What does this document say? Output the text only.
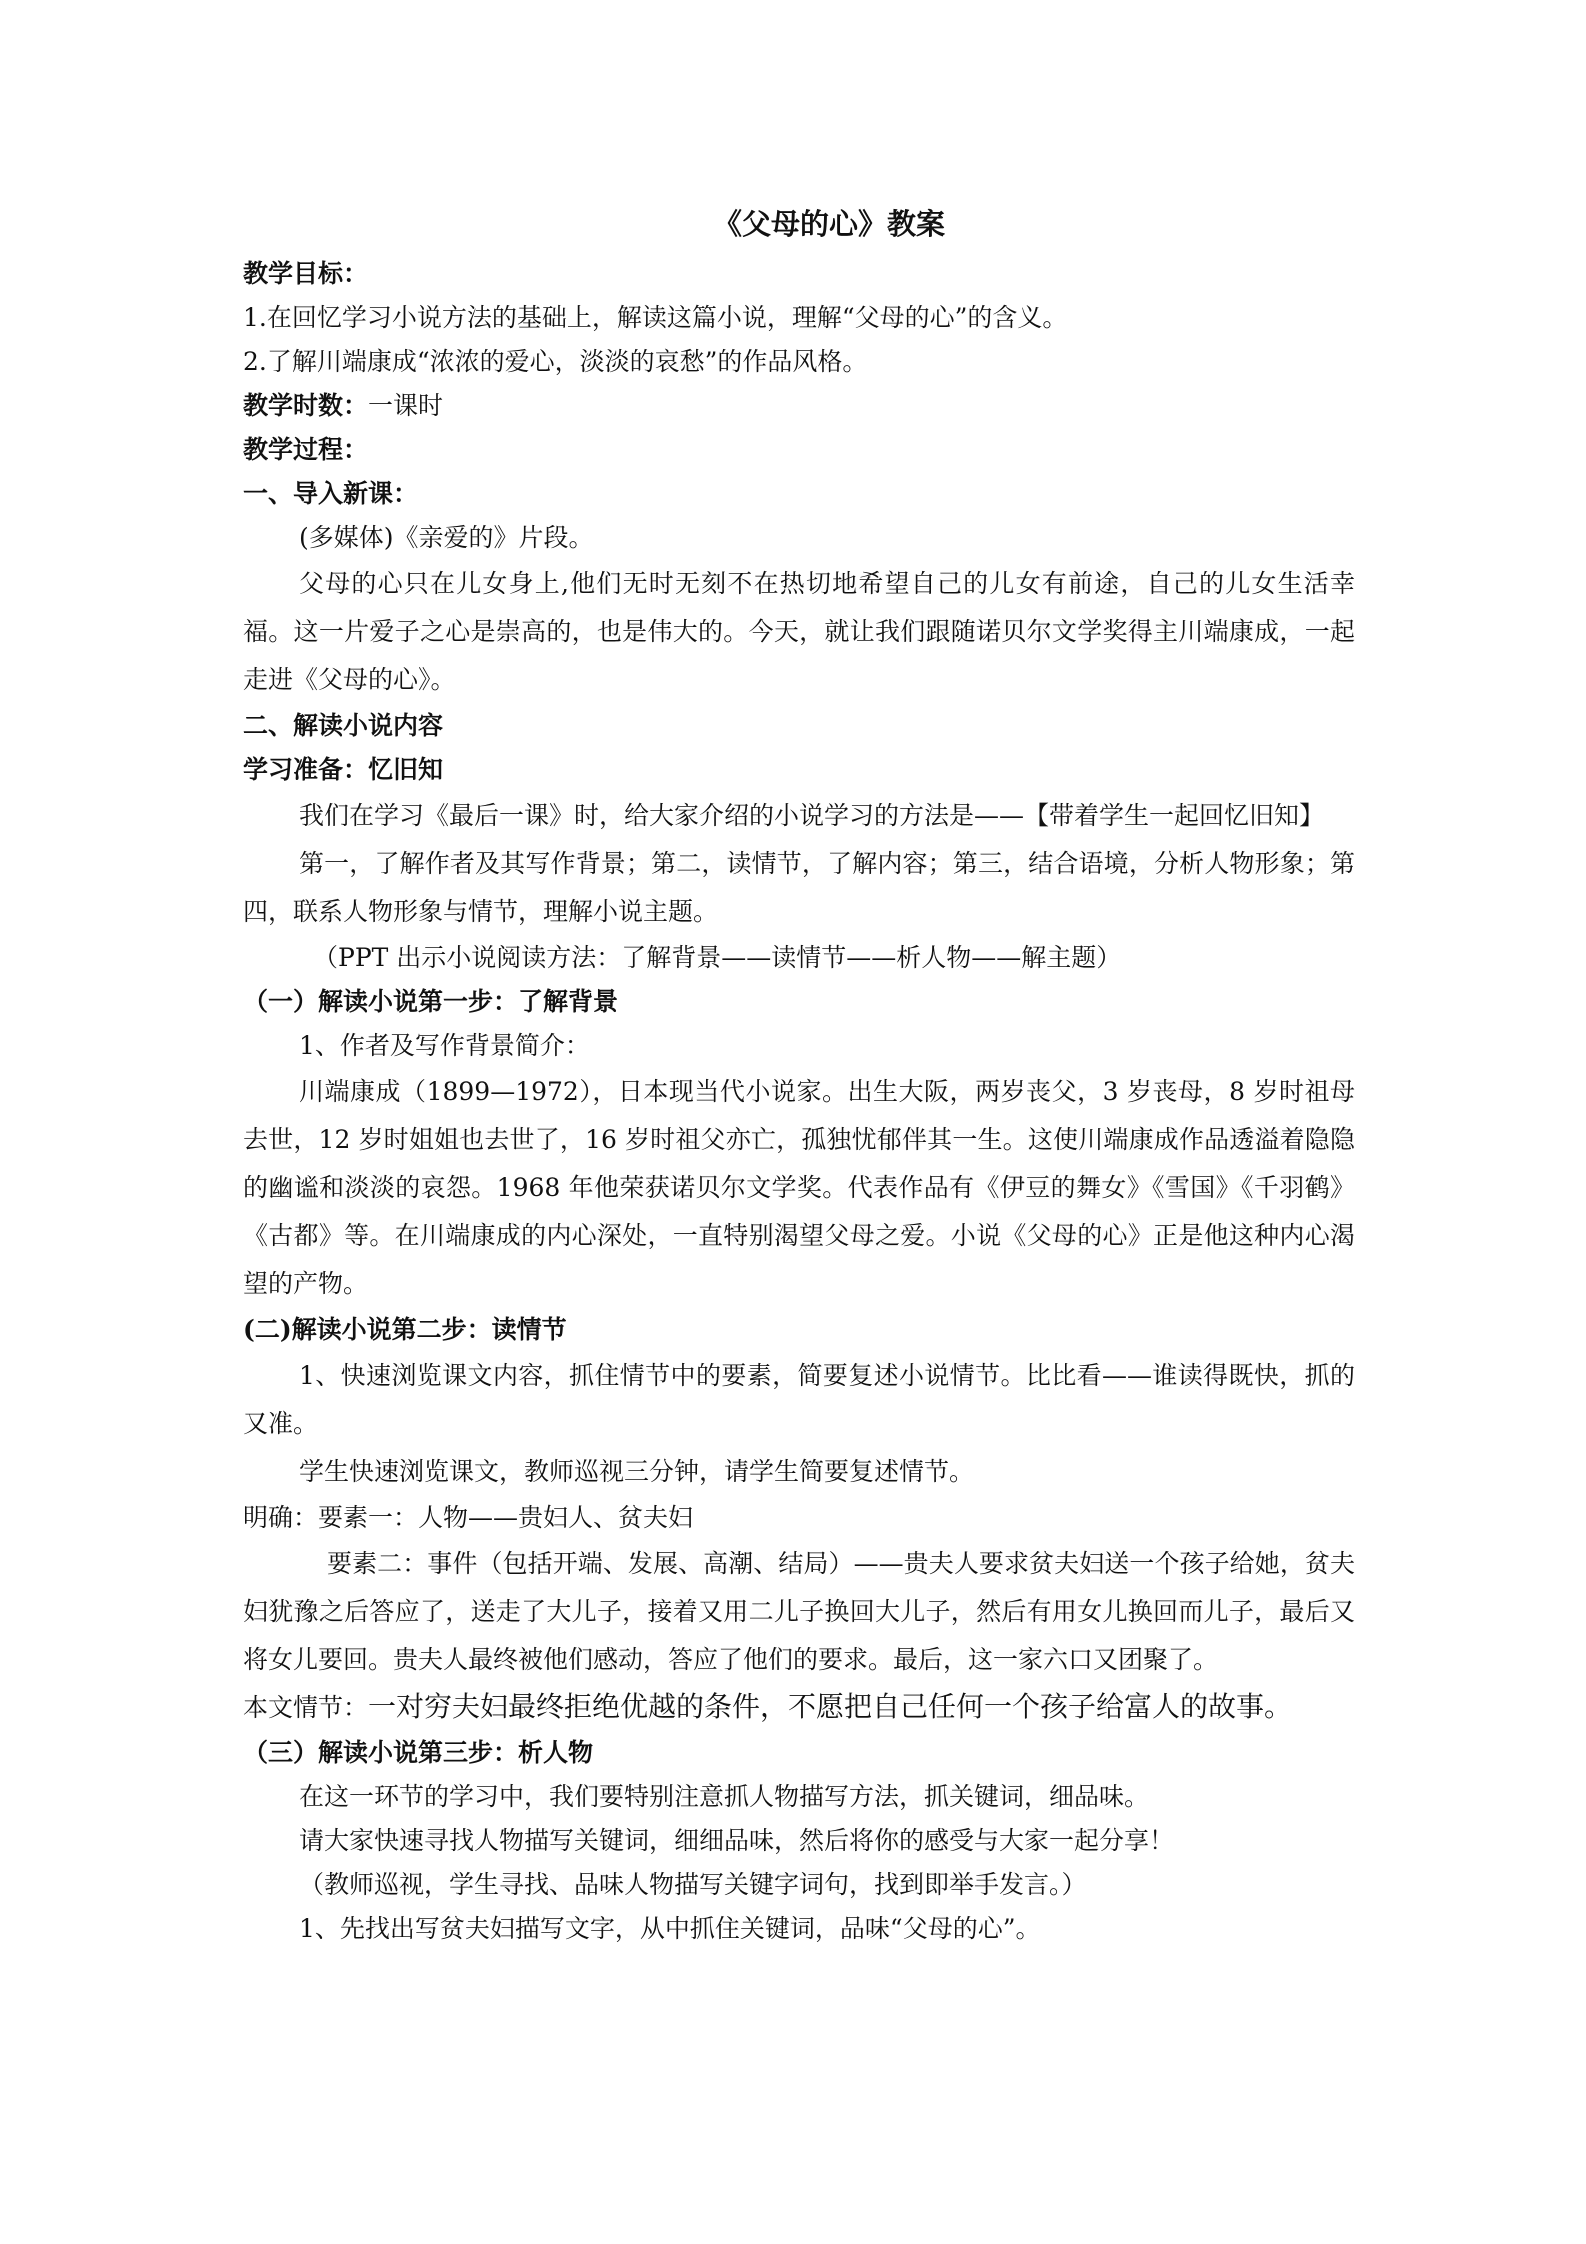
《父母的心》教案

教学目标：

1.在回忆学习小说方法的基础上，解读这篇小说，理解“父母的心”的含义。

2.了解川端康成“浓浓的爱心，淡淡的哀愁”的作品风格。

教学时数：一课时

教学过程：

一、导入新课：

(多媒体)《亲爱的》片段。

父母的心只在儿女身上,他们无时无刻不在热切地希望自己的儿女有前途，自己的儿女生活幸福。这一片爱子之心是崇高的，也是伟大的。今天，就让我们跟随诺贝尔文学奖得主川端康成，一起走进《父母的心》。

二、解读小说内容

学习准备：忆旧知

我们在学习《最后一课》时，给大家介绍的小说学习的方法是——【带着学生一起回忆旧知】

第一，了解作者及其写作背景；第二，读情节，了解内容；第三，结合语境，分析人物形象；第四，联系人物形象与情节，理解小说主题。

（PPT 出示小说阅读方法：了解背景——读情节——析人物——解主题）

（一）解读小说第一步：了解背景

1、作者及写作背景简介：

川端康成（1899—1972），日本现当代小说家。出生大阪，两岁丧父，3 岁丧母，8 岁时祖母去世，12 岁时姐姐也去世了，16 岁时祖父亦亡，孤独忧郁伴其一生。这使川端康成作品透溢着隐隐的幽谧和淡淡的哀怨。1968 年他荣获诺贝尔文学奖。代表作品有《伊豆的舞女》《雪国》《千羽鹤》《古都》等。在川端康成的内心深处，一直特别渴望父母之爱。小说《父母的心》正是他这种内心渴望的产物。

(二)解读小说第二步：读情节

1、快速浏览课文内容，抓住情节中的要素，简要复述小说情节。比比看——谁读得既快，抓的又准。

学生快速浏览课文，教师巡视三分钟，请学生简要复述情节。

明确：要素一：人物——贵妇人、贫夫妇

要素二：事件（包括开端、发展、高潮、结局）——贵夫人要求贫夫妇送一个孩子给她，贫夫妇犹豫之后答应了，送走了大儿子，接着又用二儿子换回大儿子，然后有用女儿换回而儿子，最后又将女儿要回。贵夫人最终被他们感动，答应了他们的要求。最后，这一家六口又团聚了。

本文情节：一对穷夫妇最终拒绝优越的条件，不愿把自己任何一个孩子给富人的故事。

（三）解读小说第三步：析人物

在这一环节的学习中，我们要特别注意抓人物描写方法，抓关键词，细品味。

请大家快速寻找人物描写关键词，细细品味，然后将你的感受与大家一起分享！

（教师巡视，学生寻找、品味人物描写关键字词句，找到即举手发言。）

1、先找出写贫夫妇描写文字，从中抓住关键词，品味“父母的心”。
